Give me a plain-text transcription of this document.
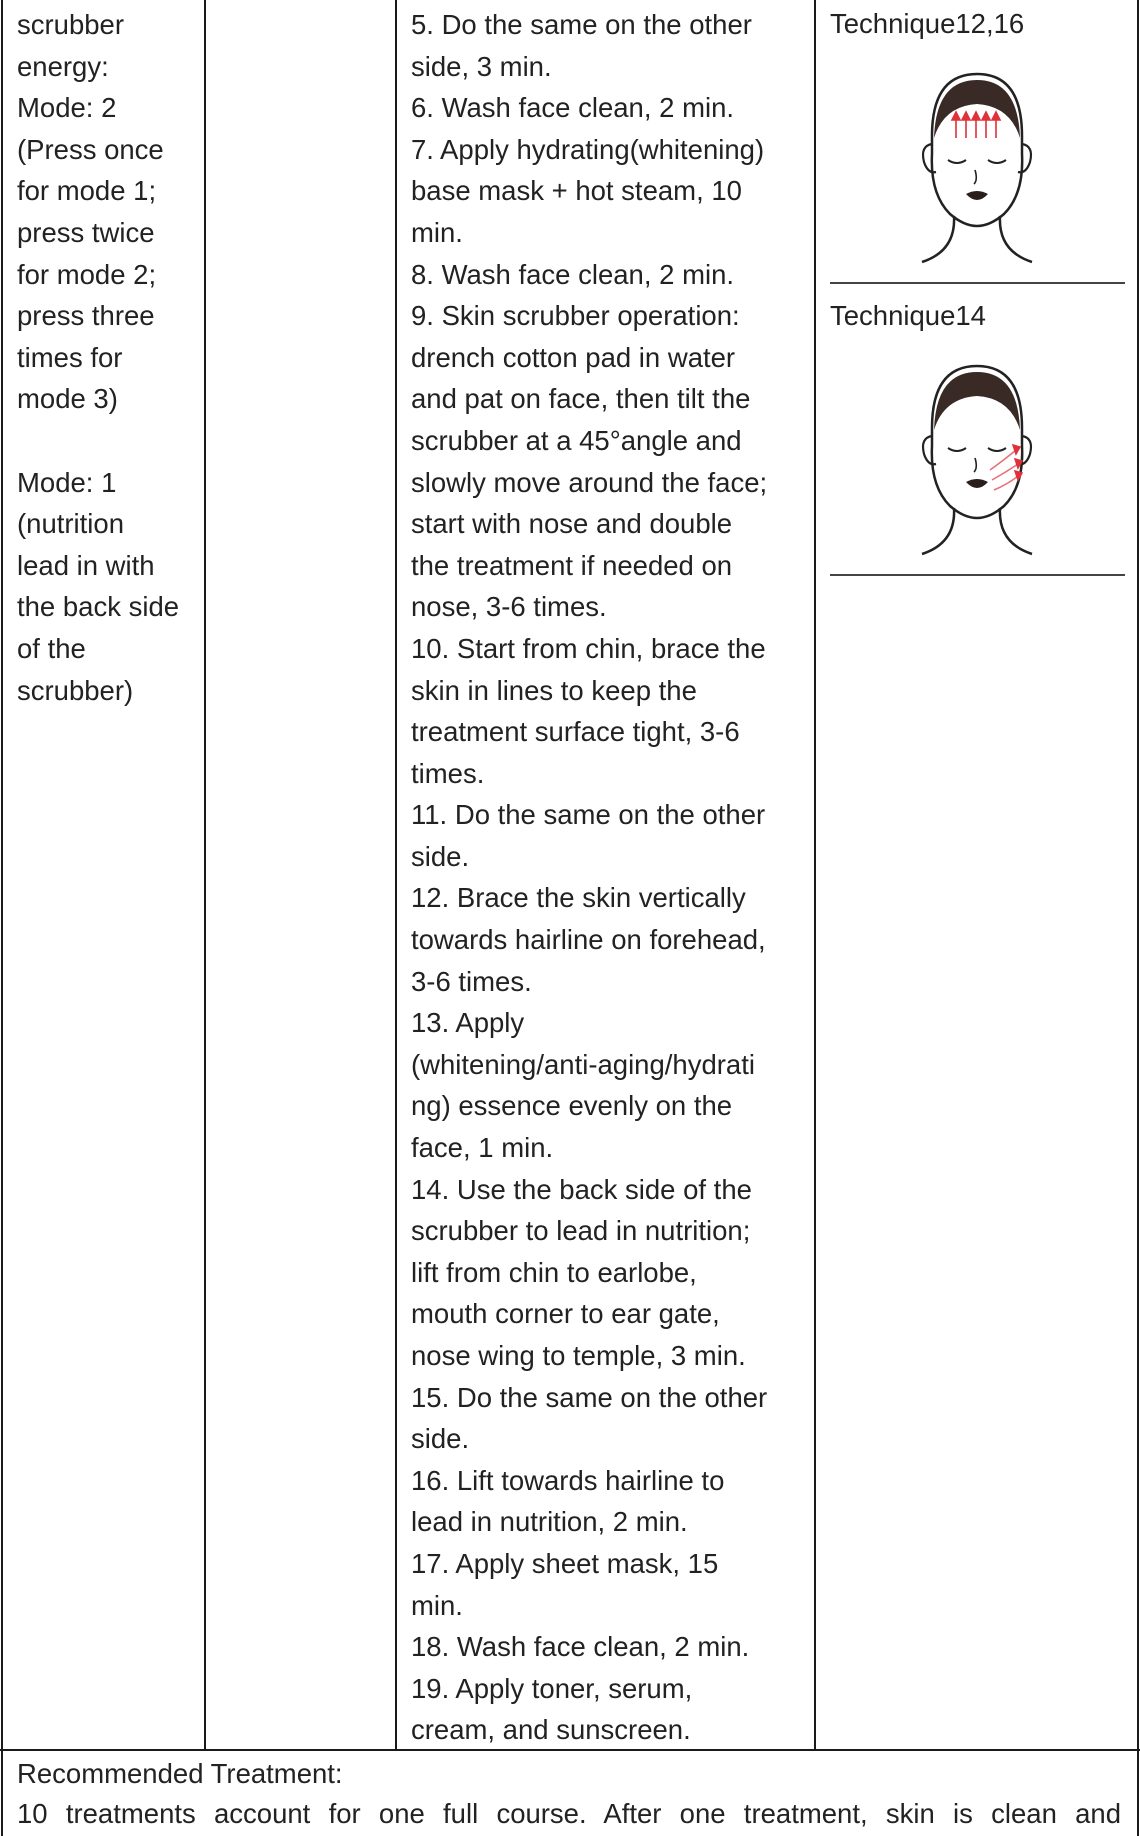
scrubber
energy:
Mode: 2
(Press once
for mode 1;
press twice
for mode 2;
press three
times for
mode 3)
Mode: 1
(nutrition
lead in with
the back side
of the
scrubber)
5. Do the same on the other
side, 3 min.
6. Wash face clean, 2 min.
7. Apply hydrating(whitening)
base mask + hot steam, 10
min.
8. Wash face clean, 2 min.
9. Skin scrubber operation:
drench cotton pad in water
and pat on face, then tilt the
scrubber at a 45°angle and
slowly move around the face;
start with nose and double
the treatment if needed on
nose, 3-6 times.
10. Start from chin, brace the
skin in lines to keep the
treatment surface tight, 3-6
times.
11. Do the same on the other
side.
12. Brace the skin vertically
towards hairline on forehead,
3-6 times.
13. Apply
(whitening/anti-aging/hydrati
ng) essence evenly on the
face, 1 min.
14. Use the back side of the
scrubber to lead in nutrition;
lift from chin to earlobe,
mouth corner to ear gate,
nose wing to temple, 3 min.
15. Do the same on the other
side.
16. Lift towards hairline to
lead in nutrition, 2 min.
17. Apply sheet mask, 15
min.
18. Wash face clean, 2 min.
19. Apply toner, serum,
cream, and sunscreen.
Technique12,16
Technique14
Recommended Treatment:
10 treatments account for one full course. After one treatment, skin is clean and
